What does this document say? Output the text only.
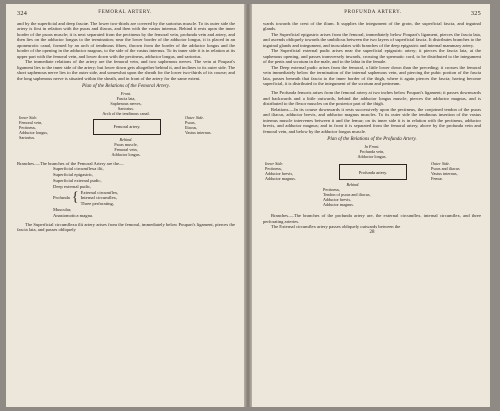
324	FEMORAL ARTERY.

and by the superficial and deep fasciæ. The lower two-thirds are covered by the sartorius muscle. To its outer side the artery is first in relation with the psoas and iliacus, and then with the vastus internus. Behind it rests upon the inner border of the psoas muscle; it is next separated from the pectineus by the femoral vein, profunda vein and artery, and then lies on the adductor longus to the termination; near the lower border of the adductor longus, it is placed in an aponeurotic canal, formed by an arch of tendinous fibres, thrown from the border of the adductor longus and the border of the opening in the adductor magnus, to the side of the vastus internus. To its inner side it is in relation at its upper part with the femoral vein, and lower down with the pectineus, adductor longus, and sartorius.

The immediate relations of the artery are the femoral vein, and two saphenous nerves. The vein at Poupart's ligament lies to the inner side of the artery; but lower down gets altogether behind it, and inclines to its outer side. The short saphenous nerve lies to the outer side, and somewhat upon the sheath for the lower two-thirds of its course; and the long saphenous nerve is situated within the sheath, and in front of the artery for the same extent.

Plan of the Relations of the Femoral Artery.
Front.
Fascia lata,
Saphenous nerves,
Sartorius.
Arch of the tendinous canal.
Inner Side.
Femoral vein,
Pectineus,
Adductor longus,
Sartorius.
Femoral artery.
Outer Side.
Psoas,
Iliacus,
Vastus internus.
Behind.
Psoas muscle,
Femoral vein,
Adductor longus.

Branches.—The branches of the Femoral Artery are the—

Superficial circumflexa ilii,
Superficial epigastric,
Superficial external pudic,
Deep external pudic,
Profunda { External circumflex,
Internal circumflex,
Three perforating,
Muscular,
Anastomotica magna.

The Superficial circumflexa ilii artery arises from the femoral, immediately below Poupart's ligament, pierces the fascia lata, and passes obliquely

PROFUNDA ARTERY.	325

wards towards the crest of the ilium. It supplies the integument of the groin, the superficial fascia, and inguinal glands.

The Superficial epigastric arises from the femoral, immediately below Poupart's ligament, pierces the fascia lata, and ascends obliquely towards the umbilicus between the two layers of superficial fascia. It distributes branches to the inguinal glands and integument, and inosculates with branches of the deep epigastric and internal mammary artery.

The Superficial external pudic arises near the superficial epigastric artery; it pierces the fascia lata, at the saphenous opening, and passes transversely inwards, crossing the spermatic cord, to be distributed to the integument of the penis and scrotum in the male, and to the labia in the female.

The Deep external pudic arises from the femoral, a little lower down than the preceding; it crosses the femoral vein immediately below the termination of the internal saphenous vein, and piercing the pubic portion of the fascia lata, passes beneath that fascia to the inner border of the thigh, where it again pierces the fascia; having become superficial, it is distributed to the integument of the scrotum and perineum.

The Profunda femoris arises from the femoral artery at two inches below Poupart's ligament; it passes downwards and backwards and a little outwards, behind the adductor longus muscle, pierces the adductor magnus, and is distributed to the flexor muscles on the posterior part of the thigh.

Relations.—In its course downwards it rests successively upon the pectineus, the conjoined tendon of the psoas and iliacus, adductor brevis, and adductor magnus muscles. To its outer side the tendinous insertion of the vastus internus muscle intervenes between it and the femur; on its inner side it is in relation with the pectineus, adductor brevis, and adductor magnus; and in front it is separated from the femoral artery, above by the profunda vein and femoral vein, and below by the adductor longus muscle.

Plan of the Relations of the Profunda Artery.
In Front.
Profunda vein,
Adductor longus.
Inner Side.
Pectineus,
Adductor brevis,
Adductor magnus.
Profunda artery.
Outer Side.
Psoas and iliacus
Vastus internus,
Femur.
Behind.
Pectineus,
Tendon of psoas and iliacus,
Adductor brevis,
Adductor magnus.

Branches.—The branches of the profunda artery are, the external circumflex, internal circumflex, and three perforating arteries.

The External circumflex artery passes obliquely outwards between the

28
